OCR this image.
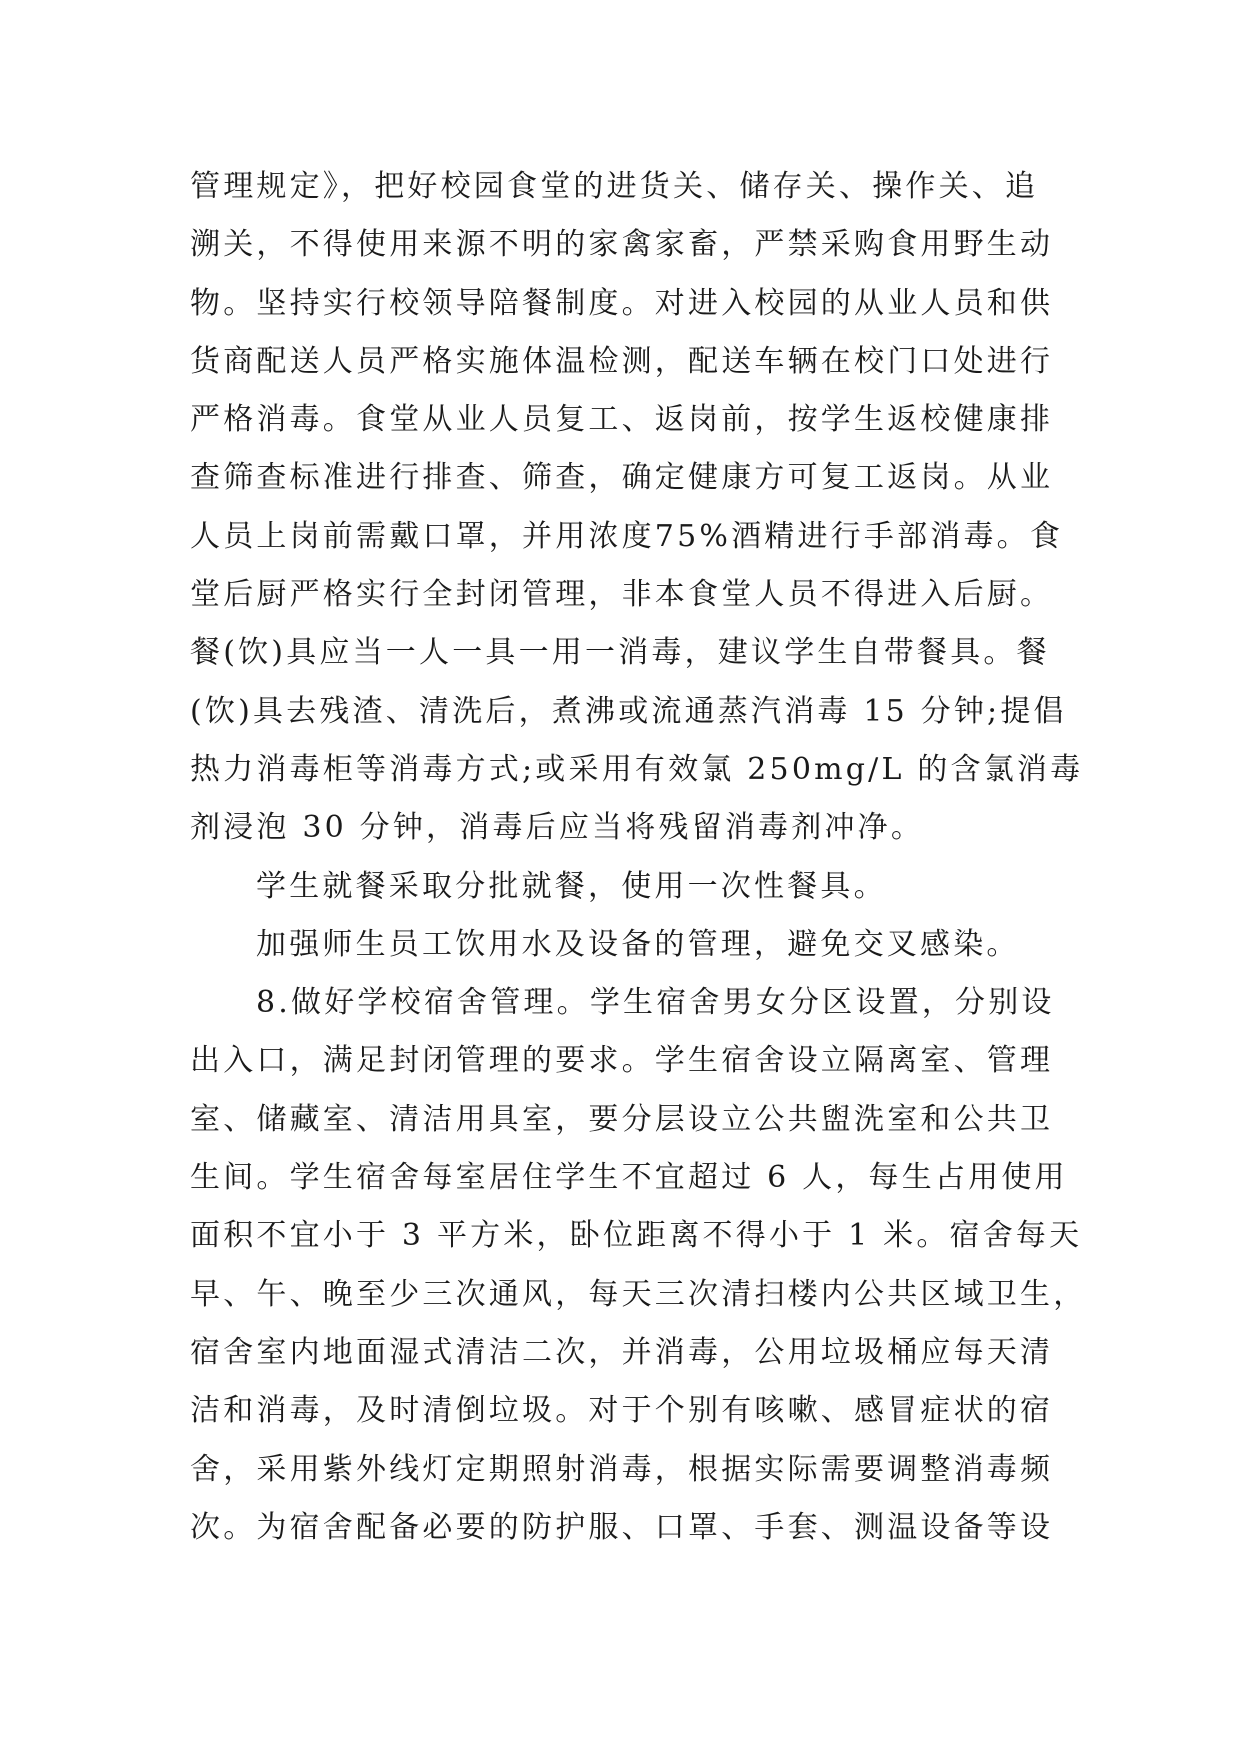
管理规定》，把好校园食堂的进货关、储存关、操作关、追
溯关，不得使用来源不明的家禽家畜，严禁采购食用野生动
物。坚持实行校领导陪餐制度。对进入校园的从业人员和供
货商配送人员严格实施体温检测，配送车辆在校门口处进行
严格消毒。食堂从业人员复工、返岗前，按学生返校健康排
查筛查标准进行排查、筛查，确定健康方可复工返岗。从业
人员上岗前需戴口罩，并用浓度75%酒精进行手部消毒。食
堂后厨严格实行全封闭管理，非本食堂人员不得进入后厨。
餐(饮)具应当一人一具一用一消毒，建议学生自带餐具。餐
(饮)具去残渣、清洗后，煮沸或流通蒸汽消毒 15 分钟;提倡
热力消毒柜等消毒方式;或采用有效氯 250mg/L 的含氯消毒
剂浸泡 30 分钟，消毒后应当将残留消毒剂冲净。
学生就餐采取分批就餐，使用一次性餐具。
加强师生员工饮用水及设备的管理，避免交叉感染。
8.做好学校宿舍管理。学生宿舍男女分区设置，分别设
出入口，满足封闭管理的要求。学生宿舍设立隔离室、管理
室、储藏室、清洁用具室，要分层设立公共盥洗室和公共卫
生间。学生宿舍每室居住学生不宜超过 6 人，每生占用使用
面积不宜小于 3 平方米，卧位距离不得小于 1 米。宿舍每天
早、午、晚至少三次通风，每天三次清扫楼内公共区域卫生，
宿舍室内地面湿式清洁二次，并消毒，公用垃圾桶应每天清
洁和消毒，及时清倒垃圾。对于个别有咳嗽、感冒症状的宿
舍，采用紫外线灯定期照射消毒，根据实际需要调整消毒频
次。为宿舍配备必要的防护服、口罩、手套、测温设备等设
